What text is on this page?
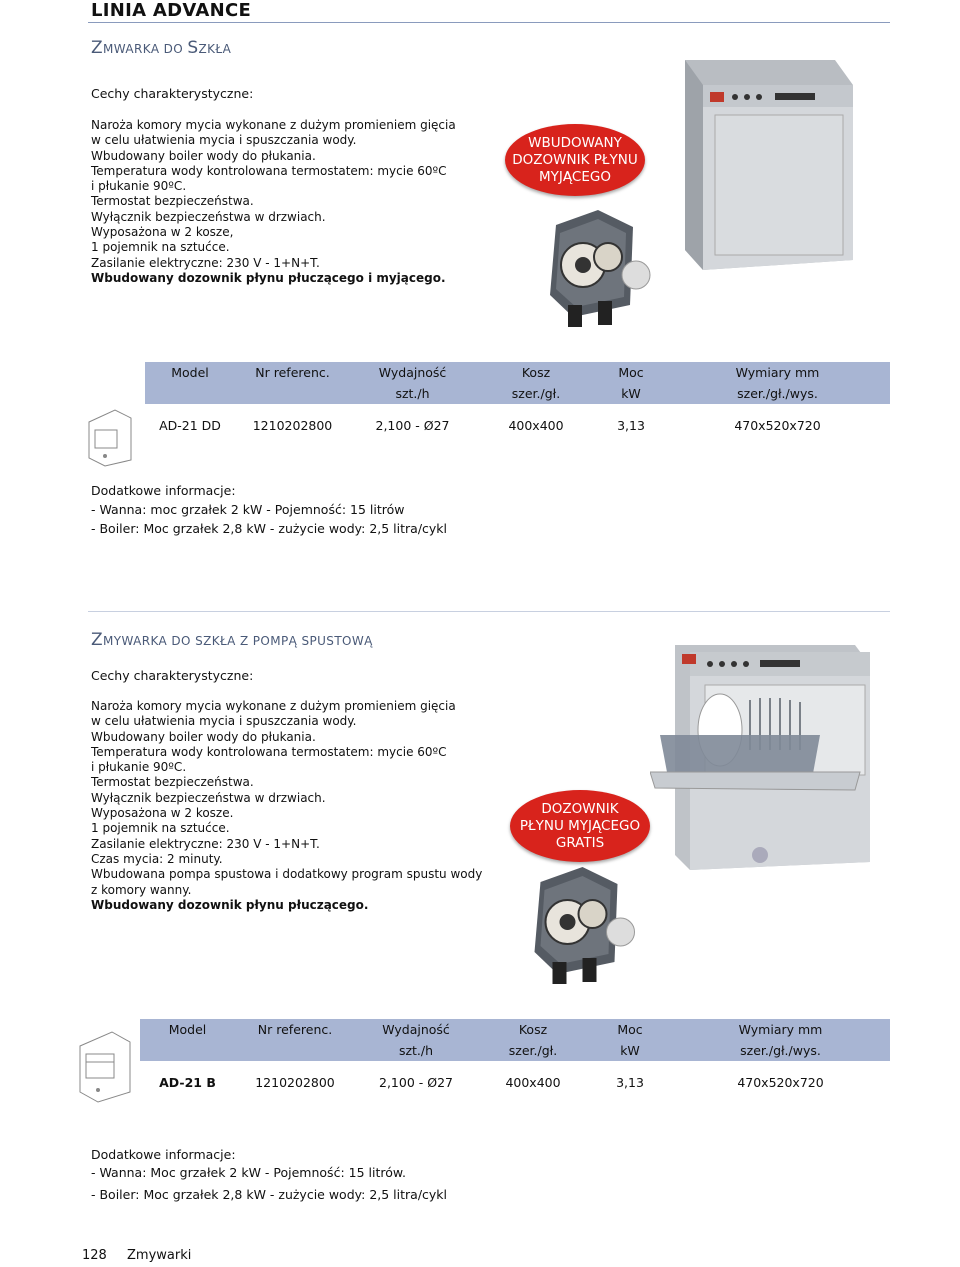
LINIA ADVANCE
ZMWARKA DO SZKŁA
Cechy charakterystyczne:
Naroża komory mycia wykonane z dużym promieniem gięcia
w celu ułatwienia mycia i spuszczania wody.
Wbudowany boiler wody do płukania.
Temperatura wody kontrolowana termostatem: mycie 60ºC
i płukanie 90ºC.
Termostat bezpieczeństwa.
Wyłącznik bezpieczeństwa w drzwiach.
Wyposażona w 2 kosze,
1 pojemnik na sztućce.
Zasilanie elektryczne: 230 V - 1+N+T.
Wbudowany dozownik płynu płuczącego i myjącego.
WBUDOWANY
DOZOWNIK PŁYNU
MYJĄCEGO
Model	Nr referenc.	Wydajność	Kosz	Moc	Wymiary mm
		szt./h	szer./gł.	kW	szer./gł./wys.

AD-21 DD	1210202800	2,100 - Ø27	400x400	3,13	470x520x720
Dodatkowe informacje:
- Wanna: moc grzałek 2 kW - Pojemność: 15 litrów
- Boiler: Moc grzałek 2,8 kW - zużycie wody: 2,5 litra/cykl
ZMYWARKA DO SZKŁA Z POMPĄ SPUSTOWĄ
Cechy charakterystyczne:
Naroża komory mycia wykonane z dużym promieniem gięcia
w celu ułatwienia mycia i spuszczania wody.
Wbudowany boiler wody do płukania.
Temperatura wody kontrolowana termostatem: mycie 60ºC
i płukanie 90ºC.
Termostat bezpieczeństwa.
Wyłącznik bezpieczeństwa w drzwiach.
Wyposażona w 2 kosze.
1 pojemnik na sztućce.
Zasilanie elektryczne: 230 V - 1+N+T.
Czas mycia: 2 minuty.
Wbudowana pompa spustowa i dodatkowy program spustu wody
z komory wanny.
Wbudowany dozownik płynu płuczącego.
DOZOWNIK
PŁYNU MYJĄCEGO
GRATIS
Model	Nr referenc.	Wydajność	Kosz	Moc	Wymiary mm
		szt./h	szer./gł.	kW	szer./gł./wys.

AD-21 B	1210202800	2,100 - Ø27	400x400	3,13	470x520x720
Dodatkowe informacje:
- Wanna: Moc grzałek 2 kW - Pojemność: 15 litrów.
- Boiler: Moc grzałek 2,8 kW - zużycie wody: 2,5 litra/cykl
128 Zmywarki
